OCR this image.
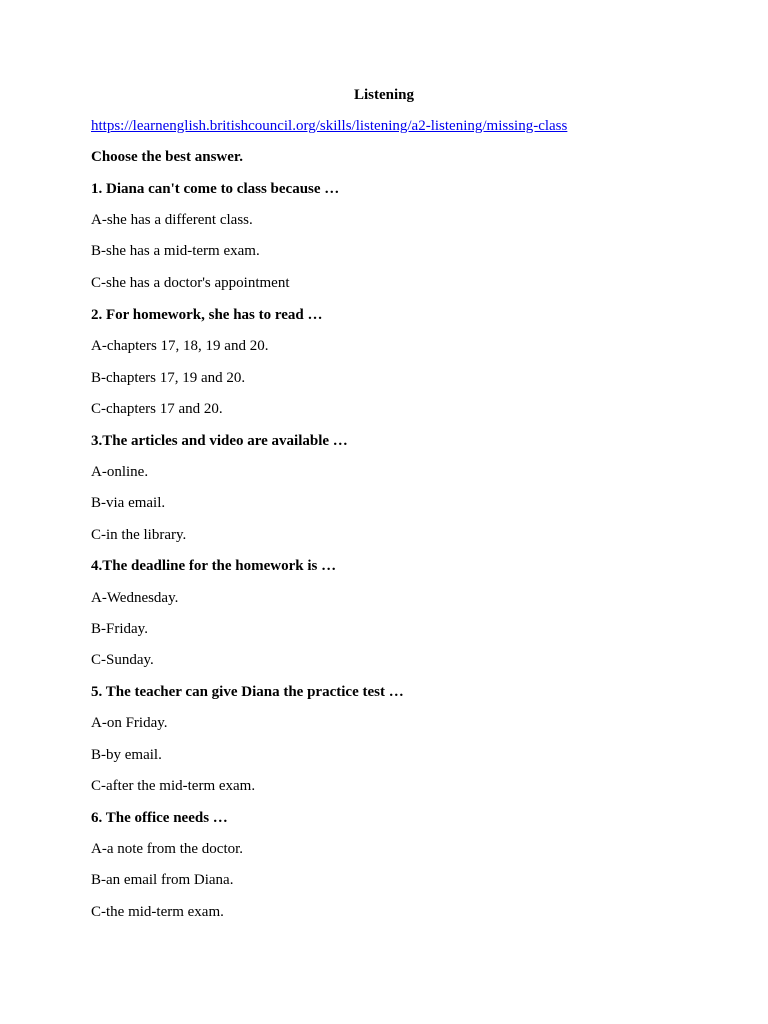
Listening
https://learnenglish.britishcouncil.org/skills/listening/a2-listening/missing-class
Choose the best answer.
1. Diana can't come to class because …
A-she has a different class.
B-she has a mid-term exam.
C-she has a doctor's appointment
2. For homework, she has to read …
A-chapters 17, 18, 19 and 20.
B-chapters 17, 19 and 20.
C-chapters 17 and 20.
3.The articles and video are available …
A-online.
B-via email.
C-in the library.
4.The deadline for the homework is …
A-Wednesday.
B-Friday.
C-Sunday.
5. The teacher can give Diana the practice test …
A-on Friday.
B-by email.
C-after the mid-term exam.
6. The office needs …
A-a note from the doctor.
B-an email from Diana.
C-the mid-term exam.
